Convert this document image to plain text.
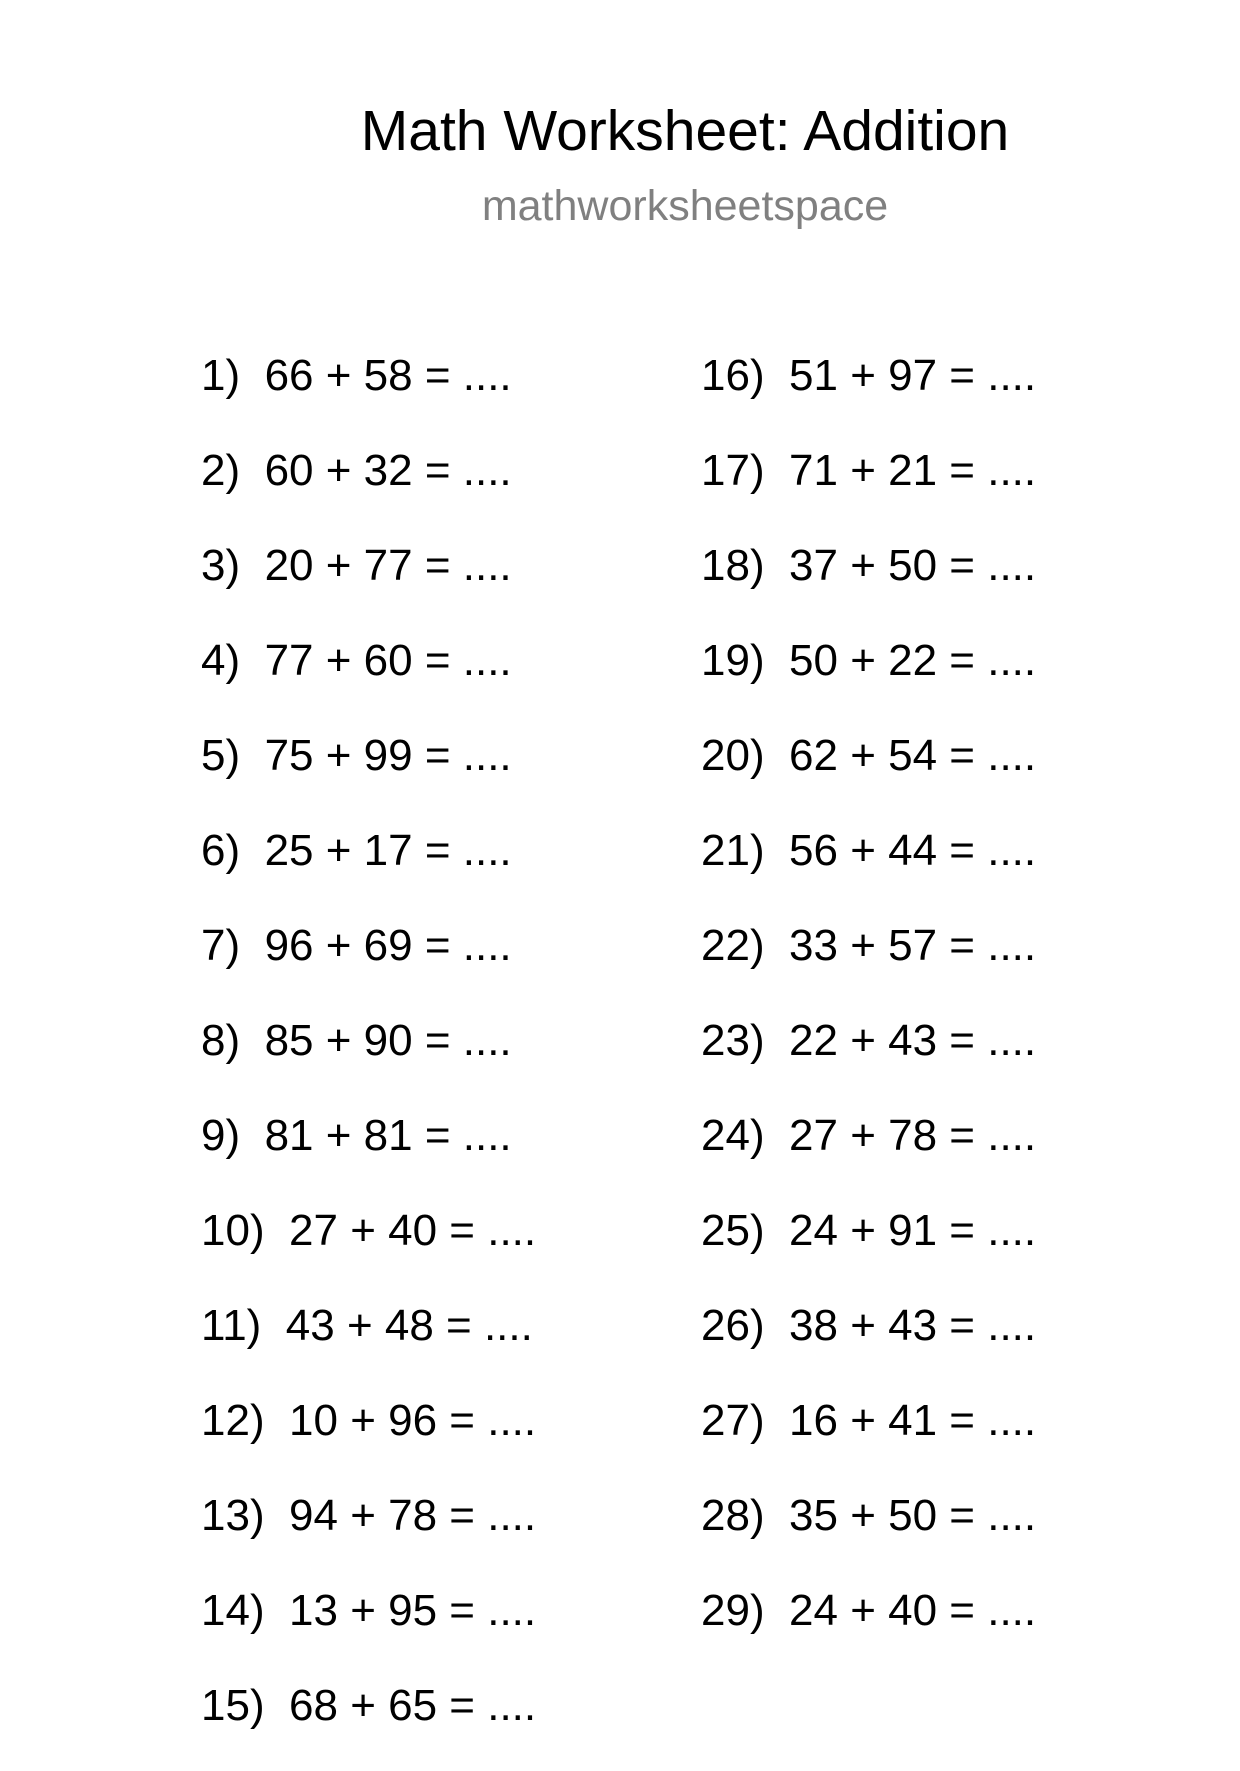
Math Worksheet: Addition
mathworksheetspace
1) 66 + 58 = ....
2) 60 + 32 = ....
3) 20 + 77 = ....
4) 77 + 60 = ....
5) 75 + 99 = ....
6) 25 + 17 = ....
7) 96 + 69 = ....
8) 85 + 90 = ....
9) 81 + 81 = ....
10) 27 + 40 = ....
11) 43 + 48 = ....
12) 10 + 96 = ....
13) 94 + 78 = ....
14) 13 + 95 = ....
15) 68 + 65 = ....
16) 51 + 97 = ....
17) 71 + 21 = ....
18) 37 + 50 = ....
19) 50 + 22 = ....
20) 62 + 54 = ....
21) 56 + 44 = ....
22) 33 + 57 = ....
23) 22 + 43 = ....
24) 27 + 78 = ....
25) 24 + 91 = ....
26) 38 + 43 = ....
27) 16 + 41 = ....
28) 35 + 50 = ....
29) 24 + 40 = ....
